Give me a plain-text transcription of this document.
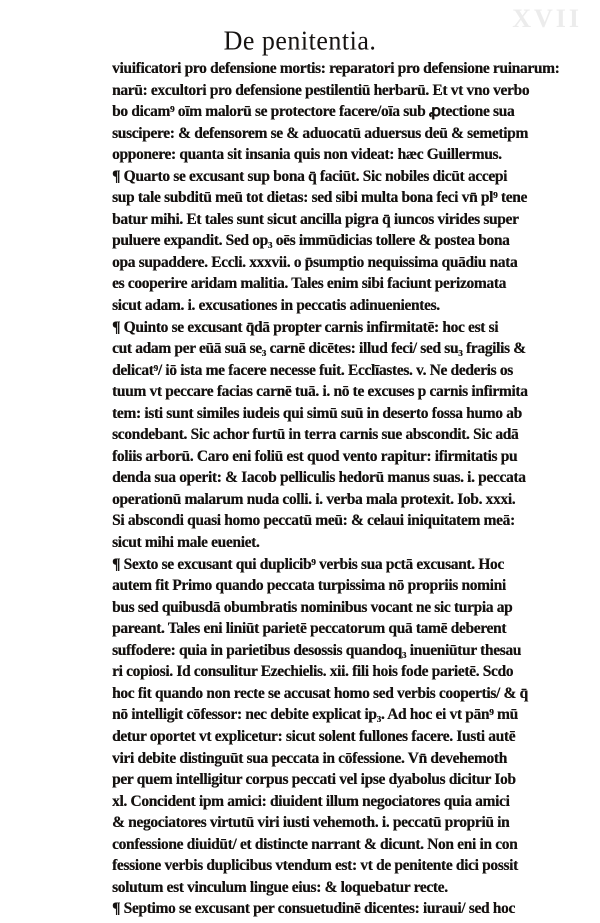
XVII
De penitentia.
viuificatori pro defensione mortis: reparatori pro defensione ruinarum:
narū: excultori pro defensione pestilentiū herbarū. Et vt vno verbo
bo dicam⁹ oīm malorū se protectore facere/oīa sub ꝓtectione sua
suscipere: & defensorem se & aduocatū aduersus deū & semetipm
opponere: quanta sit insania quis non videat: hæc Guillermus.
¶ Quarto se excusant sup bona q̄ faciūt. Sic nobiles dicūt accepi
sup tale subditū meū tot dietas: sed sibi multa bona feci vn̄ pl⁹ tene
batur mihi. Et tales sunt sicut ancilla pigra q̄ iuncos virides super
puluere expandit. Sed op₃ oēs immūdicias tollere & postea bona
opa supaddere. Eccli. xxxvii. o p̄sumptio nequissima quādiu nata
es cooperire aridam malitia. Tales enim sibi faciunt perizomata
sicut adam. i. excusationes in peccatis adinuenientes.
¶ Quinto se excusant q̄dā propter carnis infirmitatē: hoc est si
cut adam per eūā suā se₃ carnē dicētes: illud feci/ sed su₃ fragilis &
delicat⁹/ iō ista me facere necesse fuit. Ecclīastes. v. Ne dederis os
tuum vt peccare facias carnē tuā. i. nō te excuses p carnis infirmita
tem: isti sunt similes iudeis qui simū suū in deserto fossa humo ab
scondebant. Sic achor furtū in terra carnis sue abscondit. Sic adā
foliis arborū. Caro eni foliū est quod vento rapitur: ifirmitatis pu
denda sua operit: & Iacob pelliculis hedorū manus suas. i. peccata
operationū malarum nuda colli. i. verba mala protexit. Iob. xxxi.
Si abscondi quasi homo peccatū meū: & celaui iniquitatem meā:
sicut mihi male eueniet.
¶ Sexto se excusant qui duplicib⁹ verbis sua pctā excusant. Hoc
autem fit Primo quando peccata turpissima nō propriis nomini
bus sed quibusdā obumbratis nominibus vocant ne sic turpia ap
pareant. Tales eni liniūt parietē peccatorum quā tamē deberent
suffodere: quia in parietibus desossis quandoq₃ inueniūtur thesau
ri copiosi. Id consulitur Ezechielis. xii. fili hois fode parietē. Scdo
hoc fit quando non recte se accusat homo sed verbis coopertis/ & q̄
nō intelligit cōfessor: nec debite explicat ip₃. Ad hoc ei vt pān⁹ mū
detur oportet vt explicetur: sicut solent fullones facere. Iusti autē
viri debite distinguūt sua peccata in cōfessione. Vn̄ devehemoth
per quem intelligitur corpus peccati vel ipse dyabolus dicitur Iob
xl. Concident ipm amici: diuident illum negociatores quia amici
& negociatores virtutū viri iusti vehemoth. i. peccatū propriū in
confessione diuidūt/ et distincte narrant & dicunt. Non eni in con
fessione verbis duplicibus vtendum est: vt de penitente dici possit
solutum est vinculum lingue eius: & loquebatur recte.
¶ Septimo se excusant per consuetudinē dicentes: iuraui/ sed hoc
